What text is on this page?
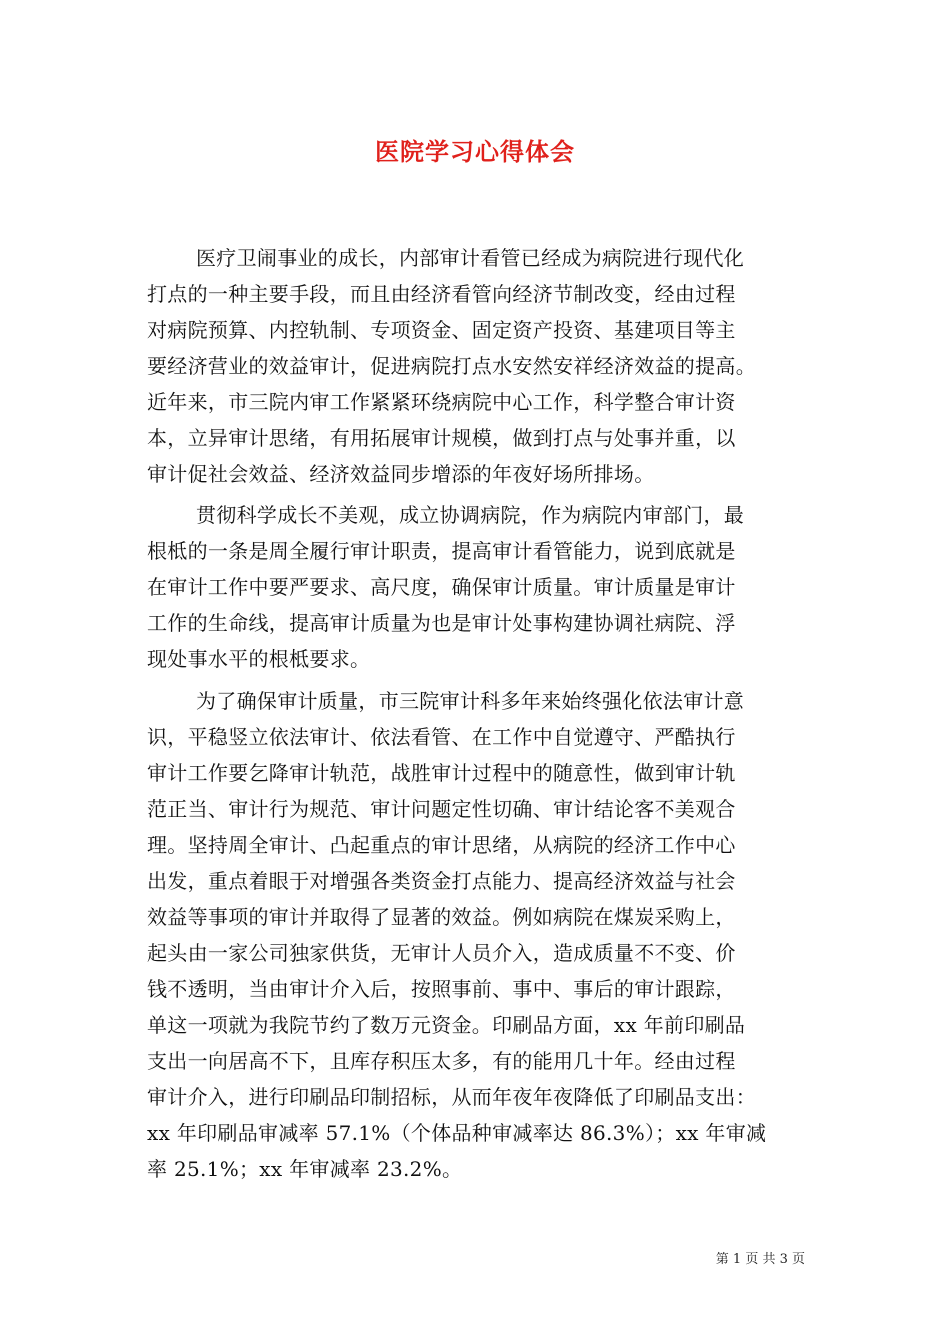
医院学习心得体会
医疗卫闹事业的成长，内部审计看管已经成为病院进行现代化
打点的一种主要手段，而且由经济看管向经济节制改变，经由过程
对病院预算、内控轨制、专项资金、固定资产投资、基建项目等主
要经济营业的效益审计，促进病院打点水安然安祥经济效益的提高。
近年来，市三院内审工作紧紧环绕病院中心工作，科学整合审计资
本，立异审计思绪，有用拓展审计规模，做到打点与处事并重，以
审计促社会效益、经济效益同步增添的年夜好场所排场。
贯彻科学成长不美观，成立协调病院，作为病院内审部门，最
根柢的一条是周全履行审计职责，提高审计看管能力，说到底就是
在审计工作中要严要求、高尺度，确保审计质量。审计质量是审计
工作的生命线，提高审计质量为也是审计处事构建协调社病院、浮
现处事水平的根柢要求。
为了确保审计质量，市三院审计科多年来始终强化依法审计意
识，平稳竖立依法审计、依法看管、在工作中自觉遵守、严酷执行
审计工作要乞降审计轨范，战胜审计过程中的随意性，做到审计轨
范正当、审计行为规范、审计问题定性切确、审计结论客不美观合
理。坚持周全审计、凸起重点的审计思绪，从病院的经济工作中心
出发，重点着眼于对增强各类资金打点能力、提高经济效益与社会
效益等事项的审计并取得了显著的效益。例如病院在煤炭采购上，
起头由一家公司独家供货，无审计人员介入，造成质量不不变、价
钱不透明，当由审计介入后，按照事前、事中、事后的审计跟踪，
单这一项就为我院节约了数万元资金。印刷品方面，xx 年前印刷品
支出一向居高不下，且库存积压太多，有的能用几十年。经由过程
审计介入，进行印刷品印制招标，从而年夜年夜降低了印刷品支出：
xx 年印刷品审减率 57.1%（个体品种审减率达 86.3%）；xx 年审减
率 25.1%；xx 年审减率 23.2%。
第 1 页 共 3 页
